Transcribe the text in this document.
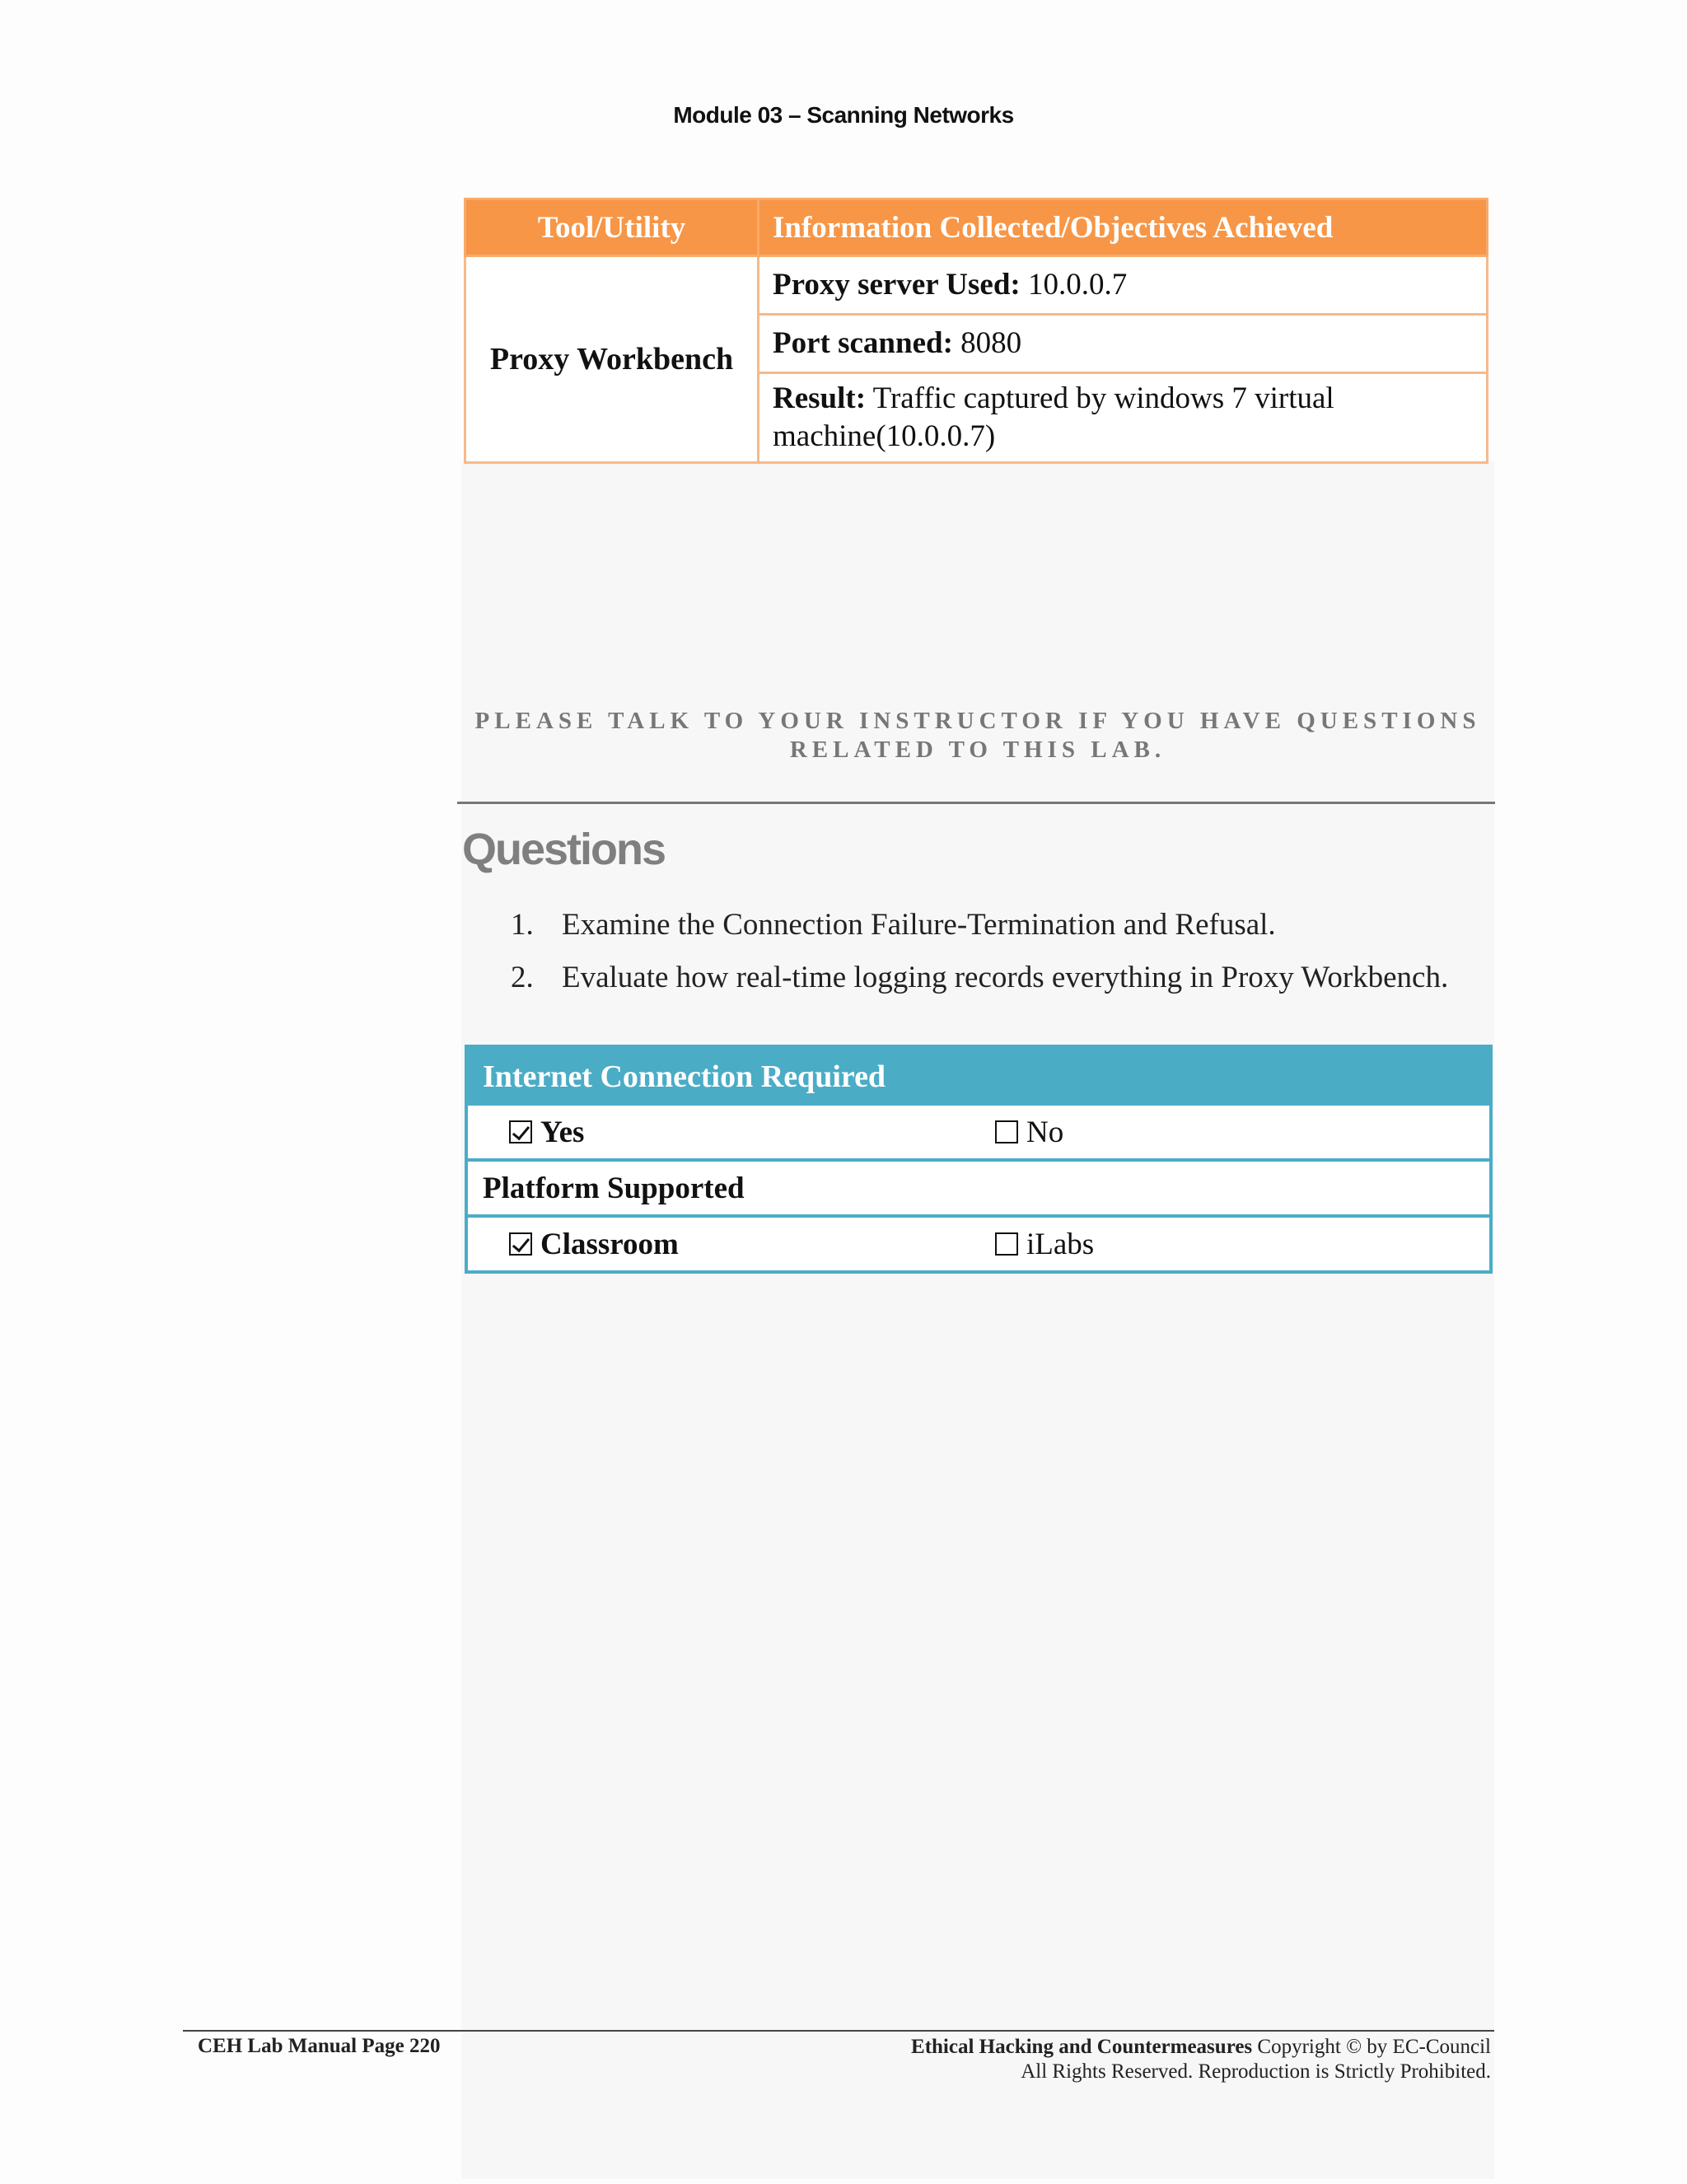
Module 03 – Scanning Networks
Tool/Utility	Information Collected/Objectives Achieved
Proxy Workbench	Proxy server Used: 10.0.0.7
	Port scanned: 8080
	Result: Traffic captured by windows 7 virtual machine(10.0.0.7)
PLEASE TALK TO YOUR INSTRUCTOR IF YOU HAVE QUESTIONS
RELATED TO THIS LAB.
Questions
1. Examine the Connection Failure-Termination and Refusal.
2. Evaluate how real-time logging records everything in Proxy Workbench.
Internet Connection Required
Yes	No
Platform Supported
Classroom	iLabs
CEH Lab Manual Page 220	Ethical Hacking and Countermeasures Copyright © by EC-Council
All Rights Reserved. Reproduction is Strictly Prohibited.
